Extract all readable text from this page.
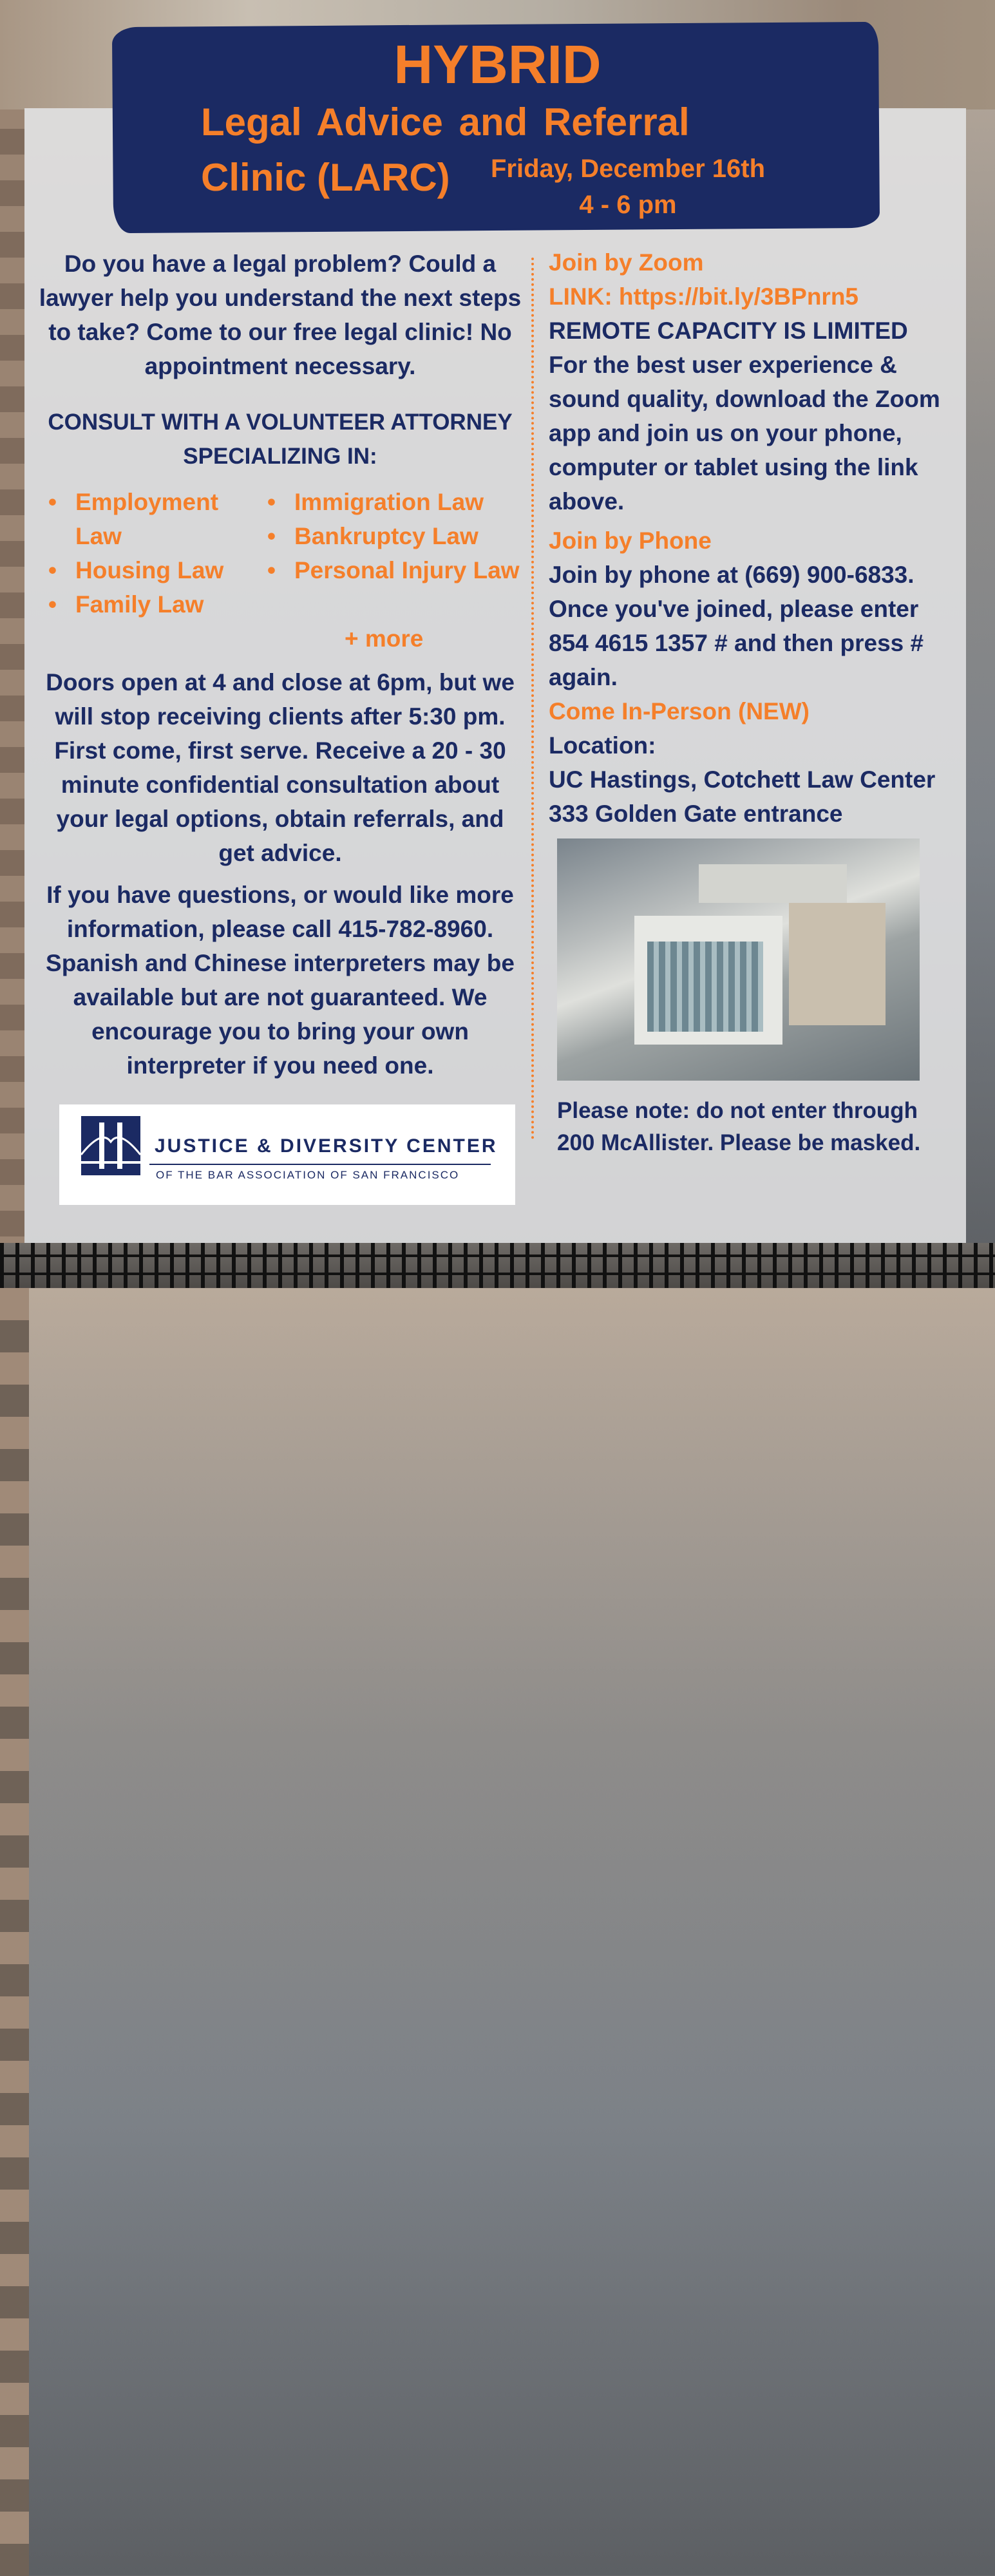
HYBRID
Legal Advice and Referral
Clinic (LARC)	Friday, December 16th
4 - 6 pm

Do you have a legal problem? Could a lawyer help you understand the next steps to take? Come to our free legal clinic! No appointment necessary.

CONSULT WITH A VOLUNTEER ATTORNEY SPECIALIZING IN:

• Employment Law
• Housing Law
• Family Law
• Immigration Law
• Bankruptcy Law
• Personal Injury Law
+ more

Doors open at 4 and close at 6pm, but we will stop receiving clients after 5:30 pm. First come, first serve. Receive a 20 - 30 minute confidential consultation about your legal options, obtain referrals, and get advice.

If you have questions, or would like more information, please call 415-782-8960. Spanish and Chinese interpreters may be available but are not guaranteed. We encourage you to bring your own interpreter if you need one.

JUSTICE & DIVERSITY CENTER
OF THE BAR ASSOCIATION OF SAN FRANCISCO

Join by Zoom

LINK: https://bit.ly/3BPnrn5

REMOTE CAPACITY IS LIMITED

For the best user experience & sound quality, download the Zoom app and join us on your phone, computer or tablet using the link above.

Join by Phone

Join by phone at (669) 900-6833. Once you've joined, please enter 854 4615 1357 # and then press # again.

Come In-Person (NEW)

Location:

UC Hastings, Cotchett Law Center 333 Golden Gate entrance

Please note: do not enter through 200 McAllister. Please be masked.
